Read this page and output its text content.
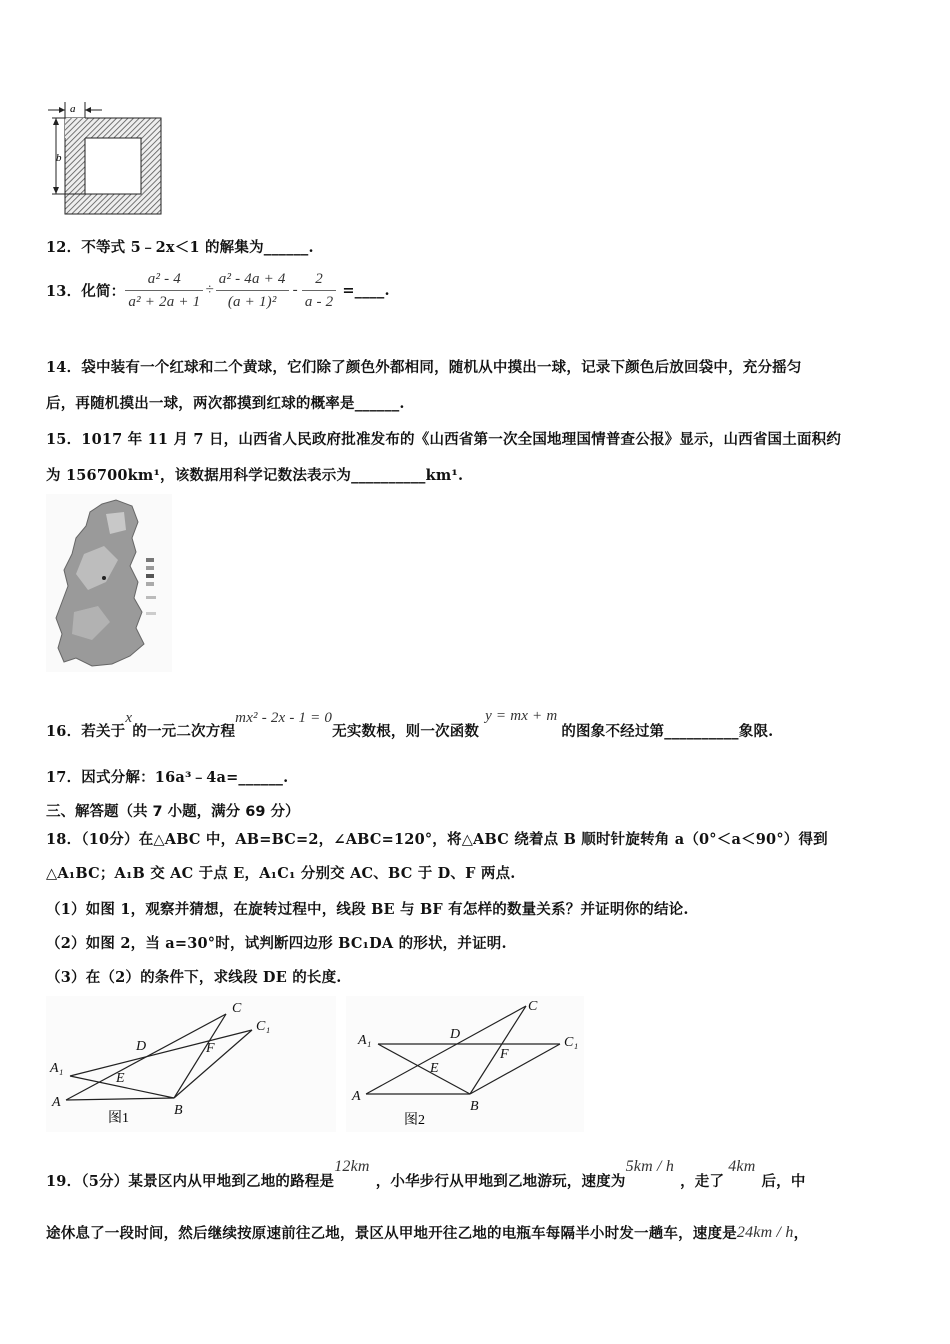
a
b
12．不等式 5﹣2x＜1 的解集为______.
13．化简： $\frac{\text{a² - 4}}{\text{a² + 2a + 1}} \div \frac{\text{a² - 4a + 4}}{\text{(a + 1)²}} - \frac{2}{a - 2}$ =____.
14．袋中装有一个红球和二个黄球，它们除了颜色外都相同，随机从中摸出一球，记录下颜色后放回袋中，充分摇匀
后，再随机摸出一球，两次都摸到红球的概率是______.
15．1017 年 11 月 7 日，山西省人民政府批准发布的《山西省第一次全国地理国情普查公报》显示，山西省国土面积约
为 156700km¹，该数据用科学记数法表示为__________km¹.
16．若关于
x
的一元二次方程
mx² - 2x - 1 = 0
无实数根，则一次函数
y = mx + m
的图象不经过第__________象限.
17．因式分解：16a³﹣4a=______.
三、解答题（共 7 小题，满分 69 分）
18．（10分）在△ABC 中，AB=BC=2，∠ABC=120°，将△ABC 绕着点 B 顺时针旋转角 a（0°＜a＜90°）得到
△A₁BC；A₁B 交 AC 于点 E，A₁C₁ 分别交 AC、BC 于 D、F 两点.
（1）如图 1，观察并猜想，在旋转过程中，线段 BE 与 BF 有怎样的数量关系？并证明你的结论.
（2）如图 2，当 a=30°时，试判断四边形 BC₁DA 的形状，并证明.
（3）在（2）的条件下，求线段 DE 的长度.
A
A₁
B
C
C₁
D
E
F
图1
A
A₁
B
C
C₁
D
E
F
图2
19．（5分）某景区内从甲地到乙地的路程是
12km
，小华步行从甲地到乙地游玩，速度为
5km / h
，走了
4km
后，中
途休息了一段时间，然后继续按原速前往乙地，景区从甲地开往乙地的电瓶车每隔半小时发一趟车，速度是 24km / h ，
